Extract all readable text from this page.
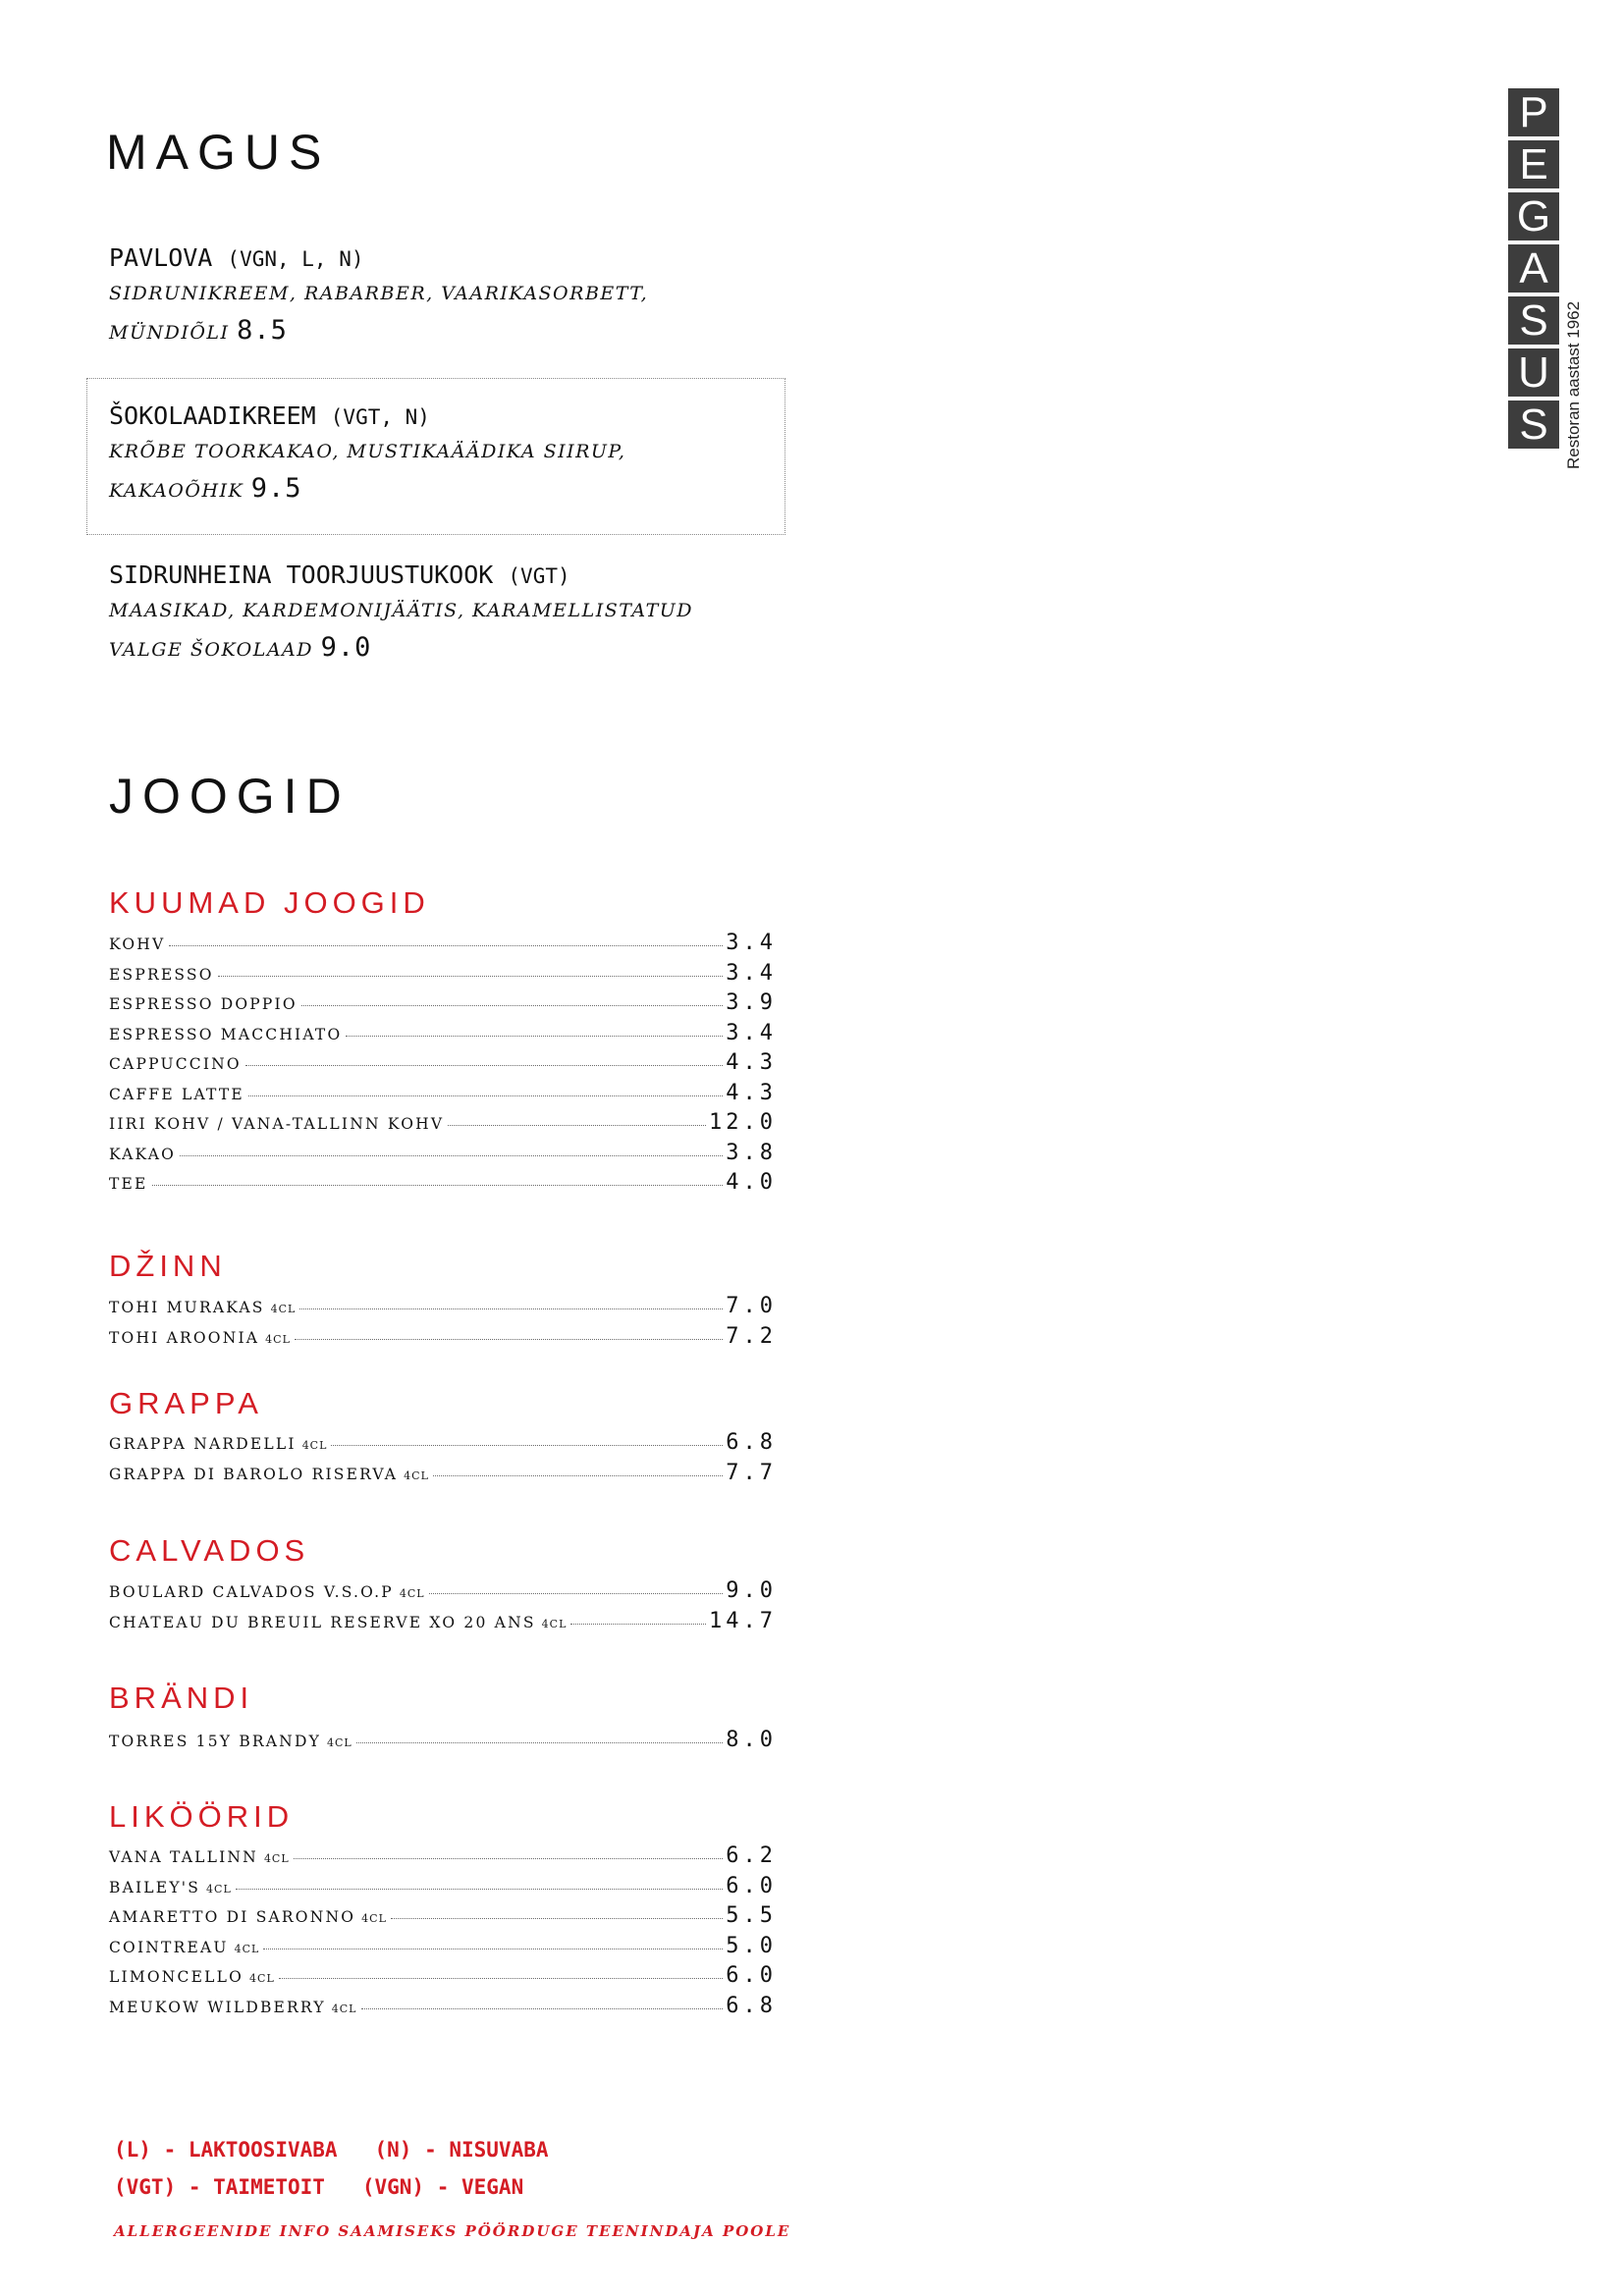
P
E
G
A
S
U
S Restoran aastast 1962
MAGUS
PAVLOVA (VGN, L, N)
SIDRUNIKREEM, RABARBER, VAARIKASORBETT,
MÜNDIÕLI 8.5
ŠOKOLAADIKREEM (VGT, N)
KRÕBE TOORKAKAO, MUSTIKAÄÄDIKA SIIRUP,
KAKAOÕHIK 9.5
SIDRUNHEINA TOORJUUSTUKOOK (VGT)
MAASIKAD, KARDEMONIJÄÄTIS, KARAMELLISTATUD
VALGE ŠOKOLAAD 9.0
JOOGID
KUUMAD JOOGID
KOHV	3.4
ESPRESSO	3.4
ESPRESSO DOPPIO	3.9
ESPRESSO MACCHIATO	3.4
CAPPUCCINO	4.3
CAFFE LATTE	4.3
IIRI KOHV / VANA-TALLINN KOHV	12.0
KAKAO	3.8
TEE	4.0
DŽINN
TOHI MURAKAS 4CL	7.0
TOHI AROONIA 4CL	7.2
GRAPPA
GRAPPA NARDELLI 4CL	6.8
GRAPPA DI BAROLO RISERVA 4CL	7.7
CALVADOS
BOULARD CALVADOS V.S.O.P 4CL	9.0
CHATEAU DU BREUIL RESERVE XO 20 ANS 4CL	14.7
BRÄNDI
TORRES 15Y BRANDY 4CL	8.0
LIKÖÖRID
VANA TALLINN 4CL	6.2
BAILEY'S 4CL	6.0
AMARETTO DI SARONNO 4CL	5.5
COINTREAU 4CL	5.0
LIMONCELLO 4CL	6.0
MEUKOW WILDBERRY 4CL	6.8
(L) - LAKTOOSIVABA   (N) - NISUVABA
(VGT) - TAIMETOIT   (VGN) - VEGAN
ALLERGEENIDE INFO SAAMISEKS PÖÖRDUGE TEENINDAJA POOLE
